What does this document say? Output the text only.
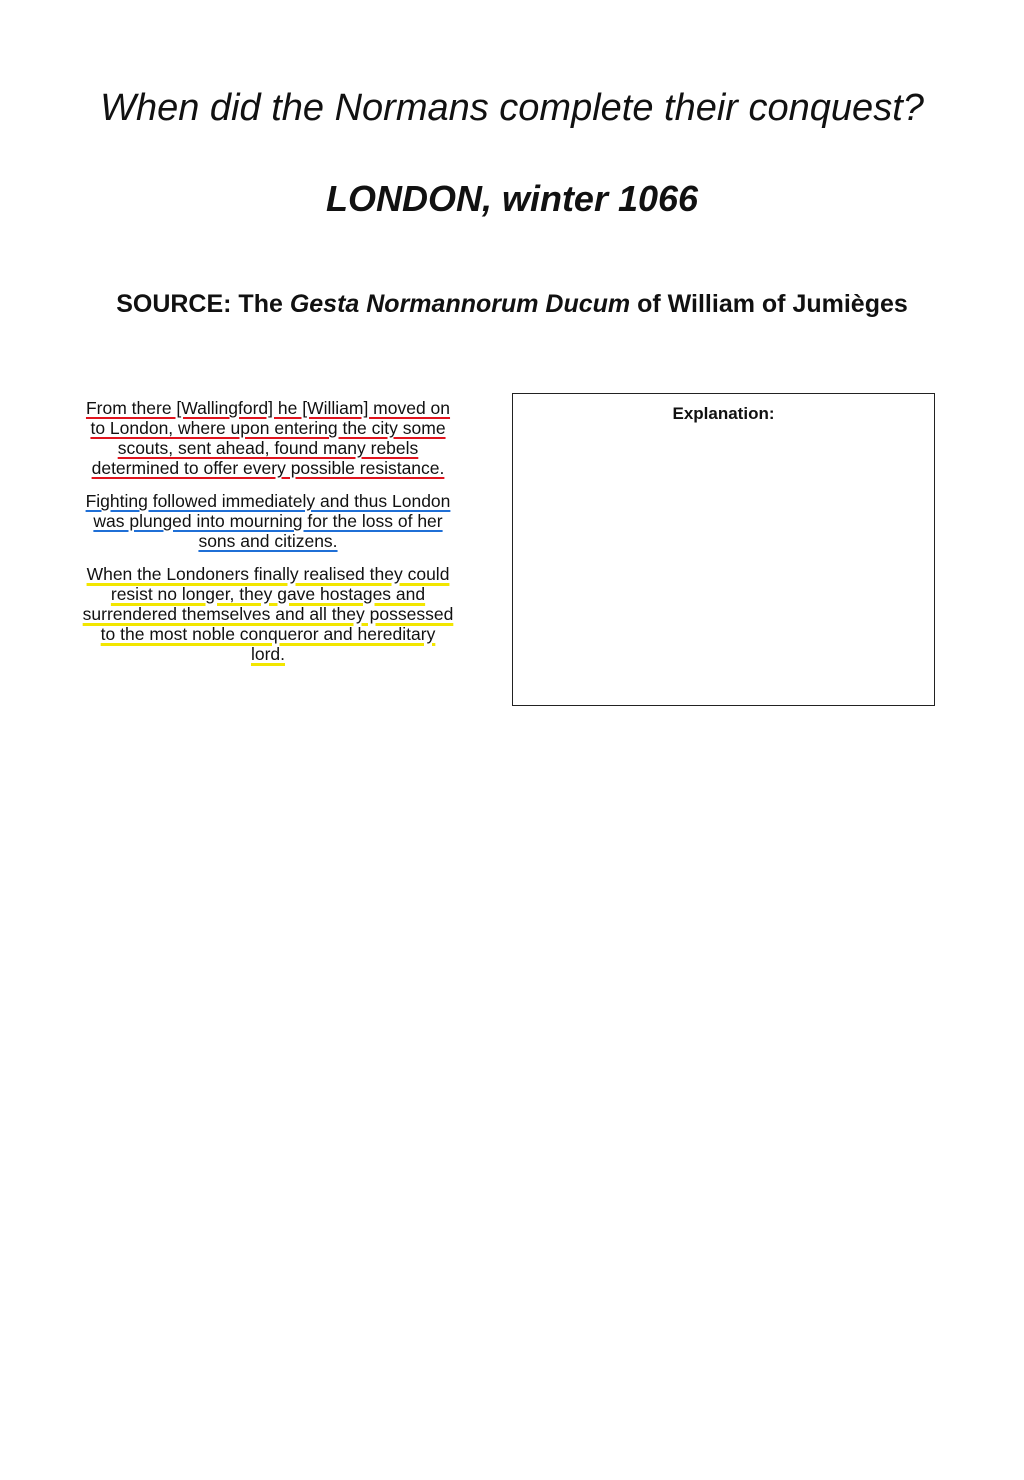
When did the Normans complete their conquest?
LONDON, winter 1066
SOURCE: The Gesta Normannorum Ducum of William of Jumièges

From there [Wallingford] he [William] moved on to London, where upon entering the city some scouts, sent ahead, found many rebels determined to offer every possible resistance.

Fighting followed immediately and thus London was plunged into mourning for the loss of her sons and citizens.

When the Londoners finally realised they could resist no longer, they gave hostages and surrendered themselves and all they possessed to the most noble conqueror and hereditary lord.

Explanation:
